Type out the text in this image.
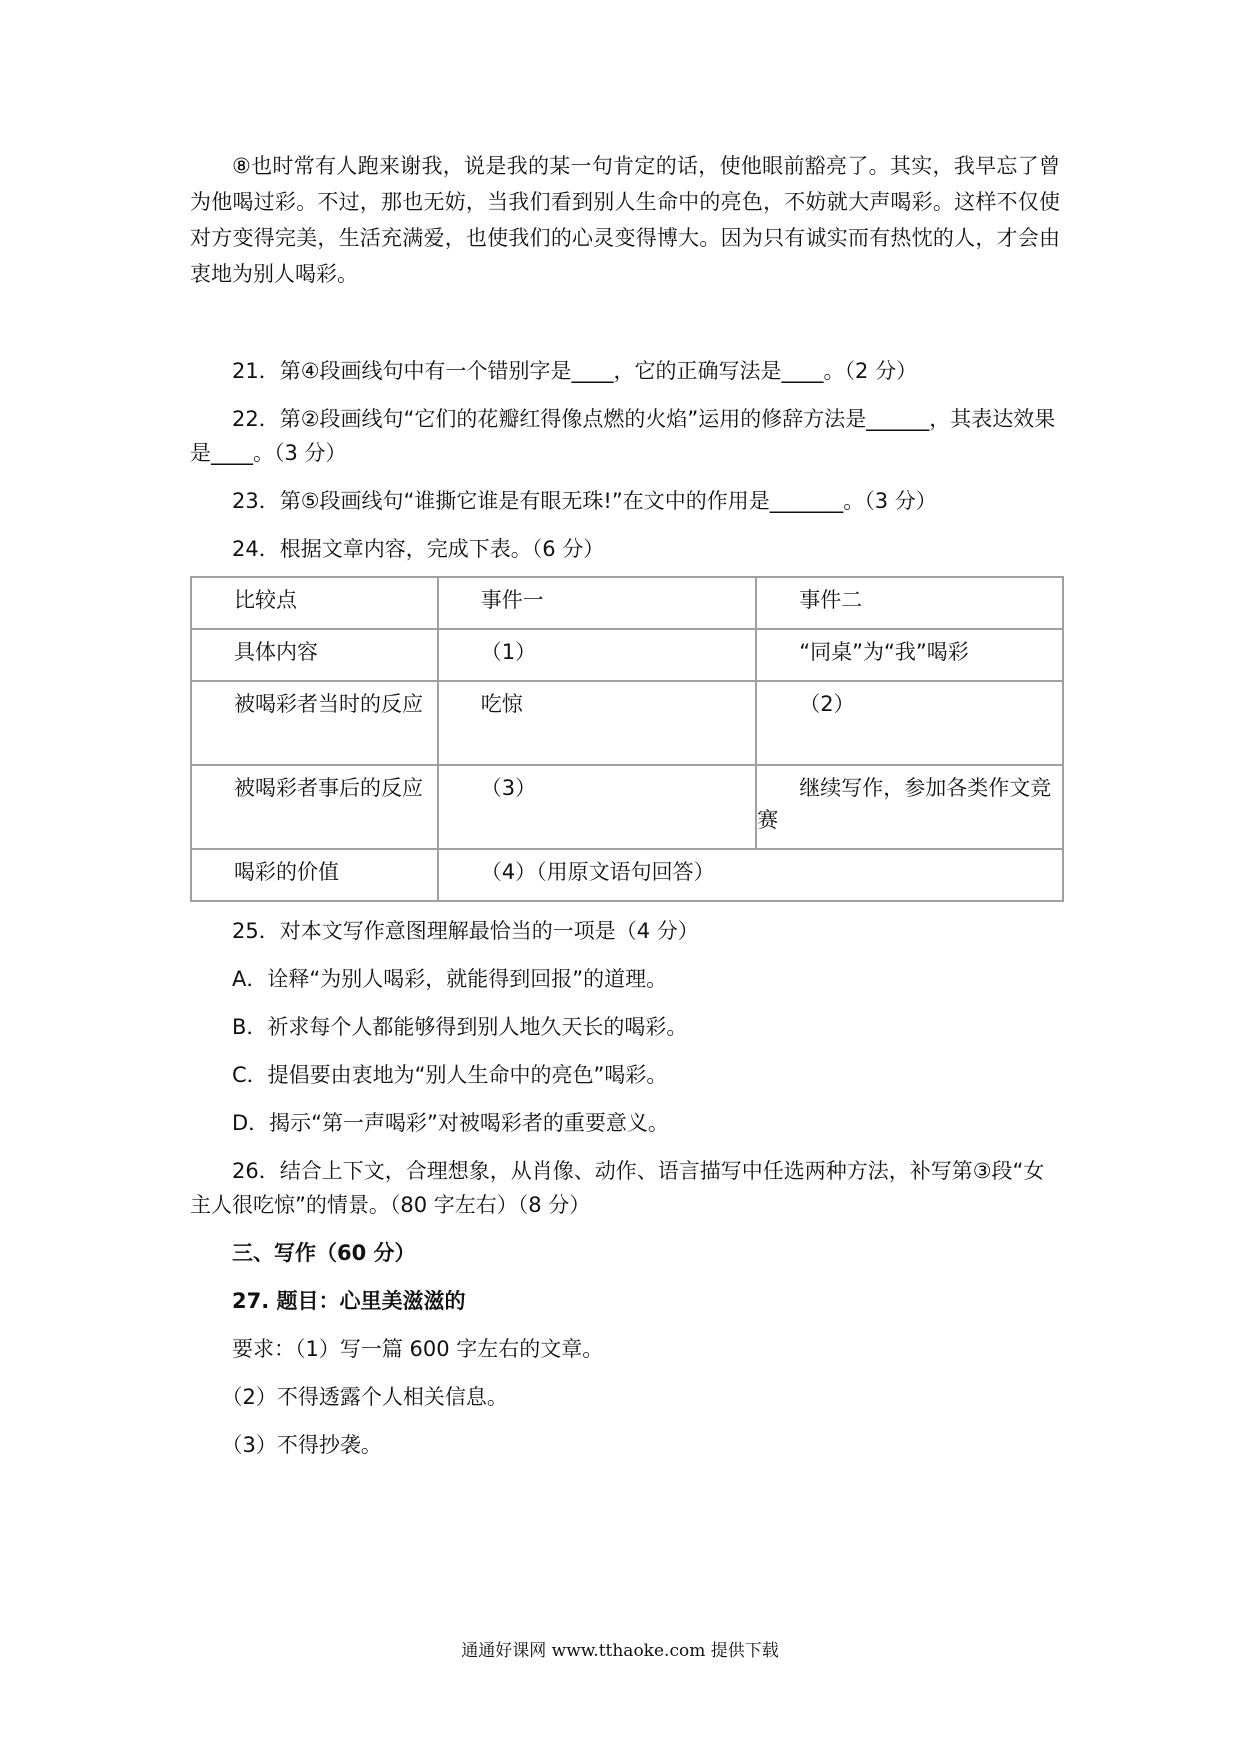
⑧也时常有人跑来谢我，说是我的某一句肯定的话，使他眼前豁亮了。其实，我早忘了曾为他喝过彩。不过，那也无妨，当我们看到别人生命中的亮色，不妨就大声喝彩。这样不仅使对方变得完美，生活充满爱，也使我们的心灵变得博大。因为只有诚实而有热忱的人，才会由衷地为别人喝彩。

21．第④段画线句中有一个错别字是____，它的正确写法是____。（2 分）

22．第②段画线句“它们的花瓣红得像点燃的火焰”运用的修辞方法是______，其表达效果是____。（3 分）

23．第⑤段画线句“谁撕它谁是有眼无珠!”在文中的作用是_______。（3 分）

24．根据文章内容，完成下表。（6 分）

比较点	事件一	事件二

具体内容	（1）	“同桌”为“我”喝彩

被喝彩者当时的反应	吃惊	（2）

被喝彩者事后的反应	（3）	继续写作，参加各类作文竞赛

喝彩的价值	（4）（用原文语句回答）	

25．对本文写作意图理解最恰当的一项是（4 分）

A．诠释“为别人喝彩，就能得到回报”的道理。

B．祈求每个人都能够得到别人地久天长的喝彩。

C．提倡要由衷地为“别人生命中的亮色”喝彩。

D．揭示“第一声喝彩”对被喝彩者的重要意义。

26．结合上下文，合理想象，从肖像、动作、语言描写中任选两种方法，补写第③段“女主人很吃惊”的情景。（80 字左右）（8 分）

三、写作（60 分）

27. 题目：心里美滋滋的

要求：（1）写一篇 600 字左右的文章。

（2）不得透露个人相关信息。

（3）不得抄袭。

通通好课网 www.tthaoke.com 提供下载
